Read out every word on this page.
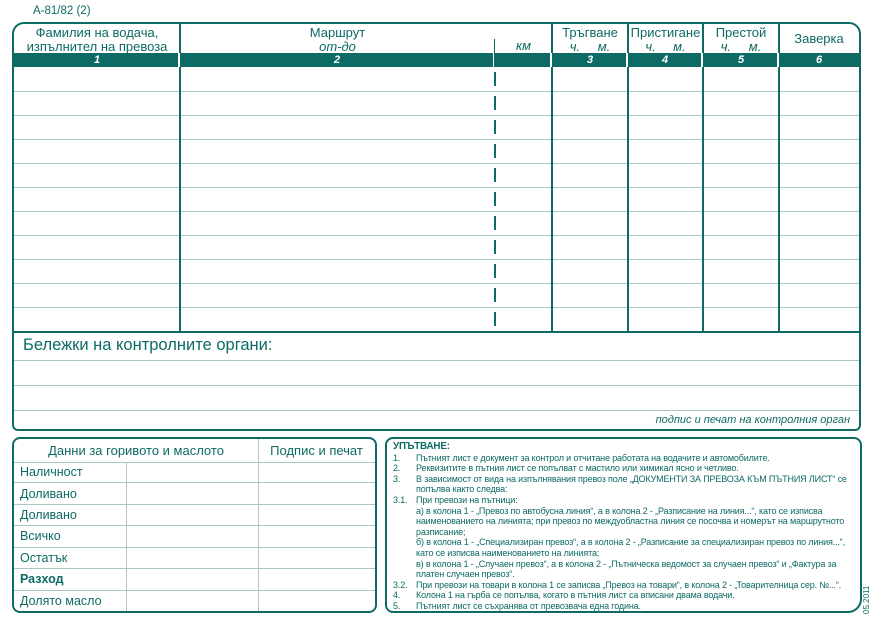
А-81/82 (2)
Фамилия на водача,
изпълнител на превоза
Маршрут
от-до	км
Тръгване
ч. м.
Пристигане
ч. м.
Престой
ч. м.
Заверка
1	2	3	4	5	6
Бележки на контролните органи:
подпис и печат на контролния орган
Данни за горивото и маслото	Подпис и печат
Наличност
Доливано
Доливано
Всичко
Остатък
Разход
Долято масло
УПЪТВАНЕ:
1.	Пътният лист е документ за контрол и отчитане работата на водачите и автомобилите.
2.	Реквизитите в пътния лист се попълват с мастило или химикал ясно и четливо.
3.	В зависимост от вида на изпълнявания превоз поле „ДОКУМЕНТИ ЗА ПРЕВОЗА КЪМ ПЪТНИЯ ЛИСТ“ се попълва както следва:
3.1. При превози на пътници:
а) в колона 1 - „Превоз по автобусна линия“, а в колона 2 - „Разписание на линия...“, като се изписва наименованието на линията; при превоз по междуобластна линия се посочва и номерът на маршрутното разписание;
б) в колона 1 - „Специализиран превоз“, а в колона 2 - „Разписание за специализиран превоз по линия...“, като се изписва наименованието на линията;
в) в колона 1 - „Случаен превоз“, а в колона 2 - „Пътническа ведомост за случаен превоз“ и „Фактура за платен случаен превоз“.
3.2. При превози на товари в колона 1 се записва „Превоз на товари“, в колона 2 - „Товарителница сер. №...“.
4.	Колона 1 на гърба се попълва, когато в пътния лист са вписани двама водачи.
5.	Пътният лист се съхранява от превозвача една година.	05.2011
